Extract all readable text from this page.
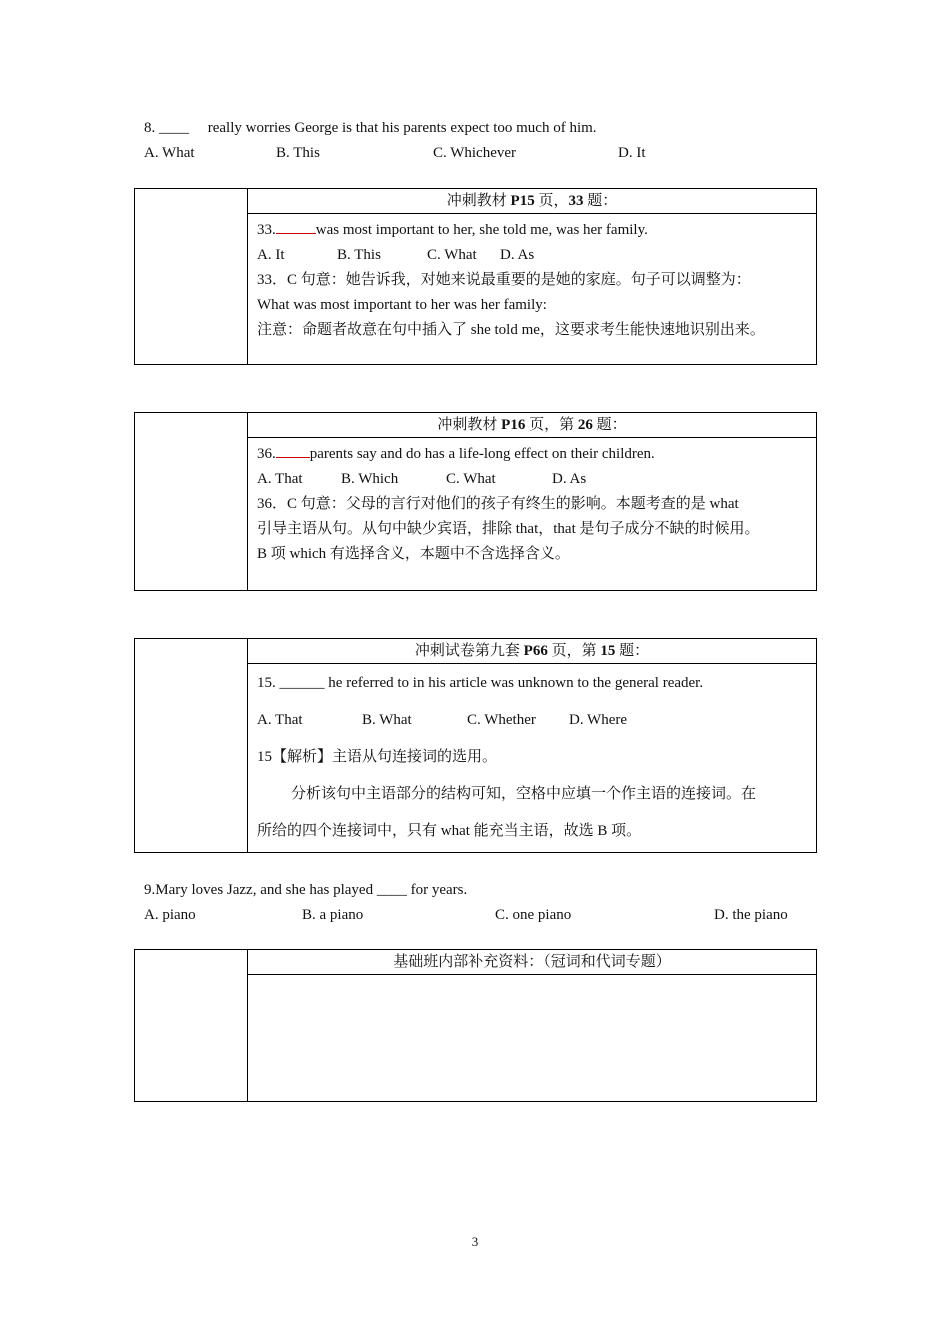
8. ____ really worries George is that his parents expect too much of him.
A. What	B. This	C. Whichever	D. It
	冲刺教材 P15 页，33 题：

33.	was most important to her, she told me, was her family.
A. It	B. This	C. What D. As
33．C 句意：她告诉我，对她来说最重要的是她的家庭。句子可以调整为：
What was most important to her was her family:
注意：命题者故意在句中插入了 she told me，这要求考生能快速地识别出来。
	冲刺教材 P16 页，第 26 题：

36. parents say and do has a life-long effect on their children.
A. That	B. Which	C. What	D. As
36．C 句意：父母的言行对他们的孩子有终生的影响。本题考查的是 what
引导主语从句。从句中缺少宾语，排除 that，that 是句子成分不缺的时候用。
B 项 which 有选择含义，本题中不含选择含义。
	冲刺试卷第九套 P66 页，第 15 题：

15. ______ he referred to in his article was unknown to the general reader.
A. That	B. What	C. Whether D. Where
15【解析】主语从句连接词的选用。
分析该句中主语部分的结构可知，空格中应填一个作主语的连接词。在
所给的四个连接词中，只有 what 能充当主语，故选 B 项。
9.Mary loves Jazz, and she has played ____ for years.
A. piano	B. a piano	C. one piano	D. the piano
	基础班内部补充资料：（冠词和代词专题）

3
